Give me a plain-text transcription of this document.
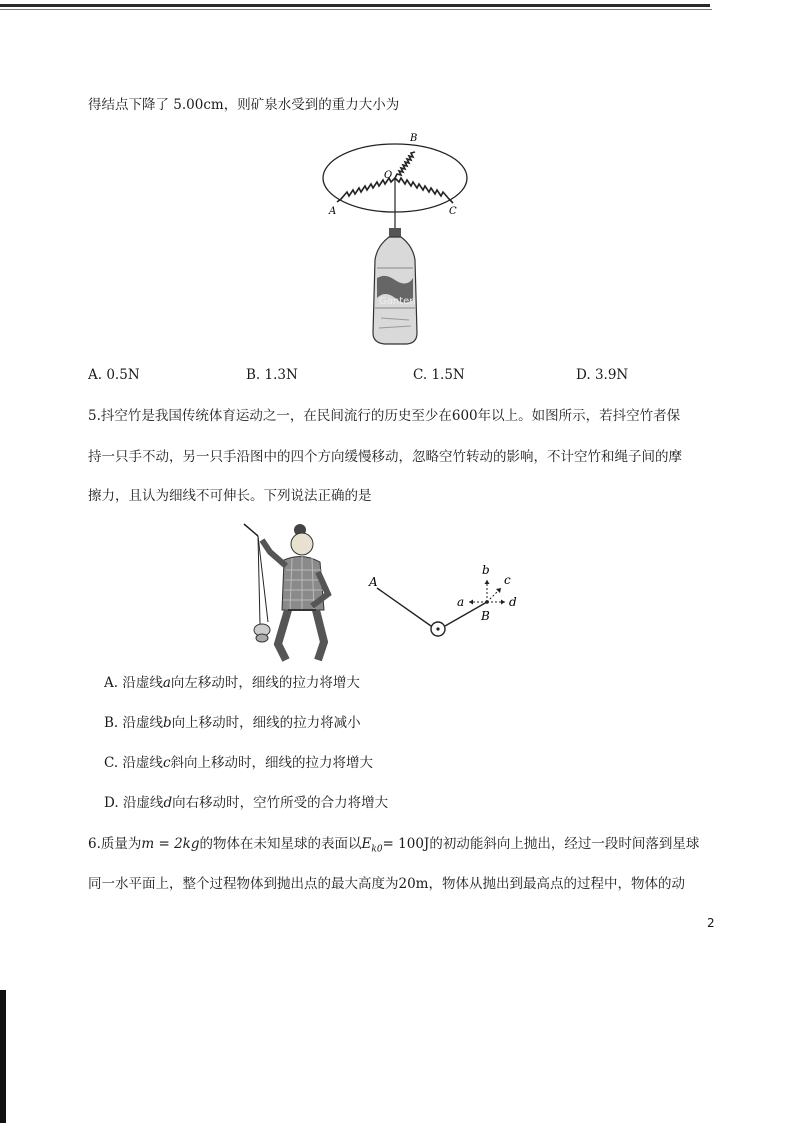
得结点下降了 5.00cm，则矿泉水受到的重力大小为
Ganten
B
O
A	C
A. 0.5N	B. 1.3N	C. 1.5N	D. 3.9N
5.抖空竹是我国传统体育运动之一，在民间流行的历史至少在600年以上。如图所示，若抖空竹者保
持一只手不动，另一只手沿图中的四个方向缓慢移动，忽略空竹转动的影响，不计空竹和绳子间的摩
擦力，且认为细线不可伸长。下列说法正确的是
A
B
a
b
c
d
A. 沿虚线a向左移动时，细线的拉力将增大
B. 沿虚线b向上移动时，细线的拉力将减小
C. 沿虚线c斜向上移动时，细线的拉力将增大
D. 沿虚线d向右移动时，空竹所受的合力将增大
6.质量为m = 2kg的物体在未知星球的表面以$E_{k0}= 100J$的初动能斜向上抛出，经过一段时间落到星球
同一水平面上，整个过程物体到抛出点的最大高度为20m，物体从抛出到最高点的过程中，物体的动
2
